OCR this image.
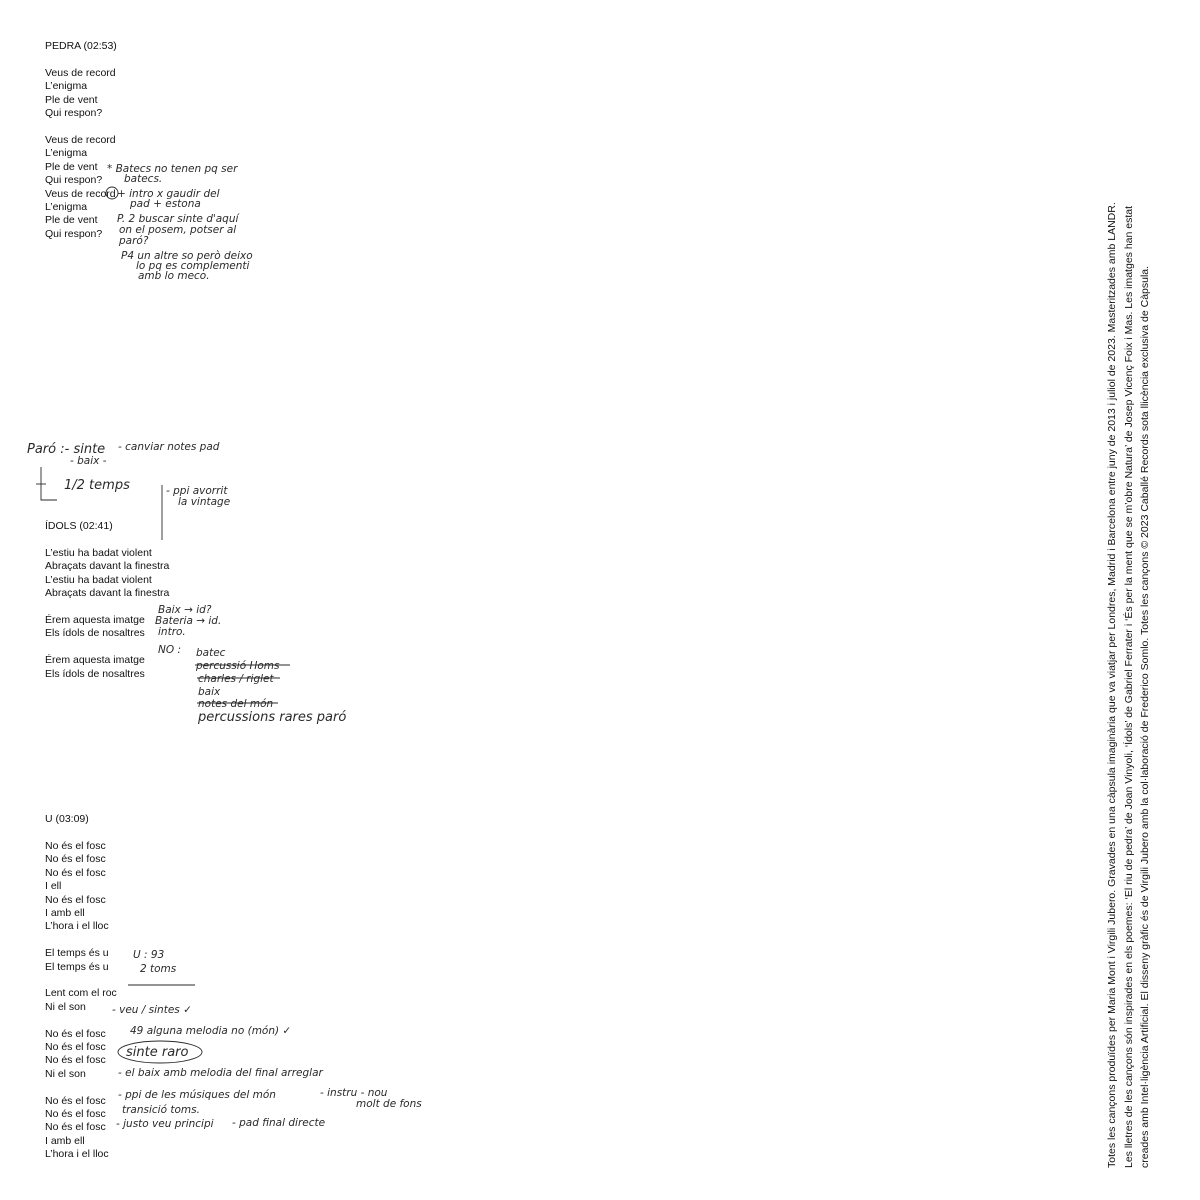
PEDRA (02:53)
Veus de record
L’enigma
Ple de vent
Qui respon?
Veus de record
L’enigma
Ple de vent
Qui respon?
Veus de record
L’enigma
Ple de vent
Qui respon?
ÍDOLS (02:41)
L’estiu ha badat violent
Abraçats davant la finestra
L’estiu ha badat violent
Abraçats davant la finestra
Érem aquesta imatge
Els ídols de nosaltres
Érem aquesta imatge
Els ídols de nosaltres
U (03:09)
No és el fosc
No és el fosc
No és el fosc
I ell
No és el fosc
I amb ell
L’hora i el lloc
El temps és u
El temps és u
Lent com el roc
Ni el son
No és el fosc
No és el fosc
No és el fosc
Ni el son
No és el fosc
No és el fosc
No és el fosc
I amb ell
L’hora i el lloc	Totes les cançons produïdes per Maria Mont i Virgili Jubero. Gravades en una càpsula imaginària que va viatjar per Londres, Madrid i Barcelona entre juny de 2013 i juliol de 2023. Masteritzades amb LANDR. Les lletres de les cançons són inspirades en els poemes: ‘El riu de pedra’ de Joan Vinyoli, ‘Ídols’ de Gabriel Ferrater i ‘És per la ment que se m’obre Natura’ de Josep Vicenç Foix i Mas. Les imatges han estat creades amb Intel·ligència Artificial. El disseny gràfic és de Virgili Jubero amb la col·laboració de Frederico Somlo. Totes les cançons © 2023 Caballé Records sota llicència exclusiva de Càpsula.

* Batecs no tenen pq ser
batecs.
+ intro x gaudir del
pad + estona
P. 2 buscar sinte d'aquí
on el posem, potser al
paró?
P4 un altre so però deixo
lo pq es complementi
amb lo meco.
Paró :- sinte
- baix -
- canviar notes pad
1/2 temps	- ppi avorrit
la vintage
Baix → id?
Bateria → id.
intro.
NO : batec
percussió Homs
charles / riglet
baix
notes del món
percussions rares paró
U : 93
2 toms
- veu / sintes ✓
49 alguna melodia no (món) ✓
sinte raro
- el baix amb melodia del final arreglar
- ppi de les músiques del món	- instru - nou
molt de fons
transició toms.
- justo veu principi - pad final directe
